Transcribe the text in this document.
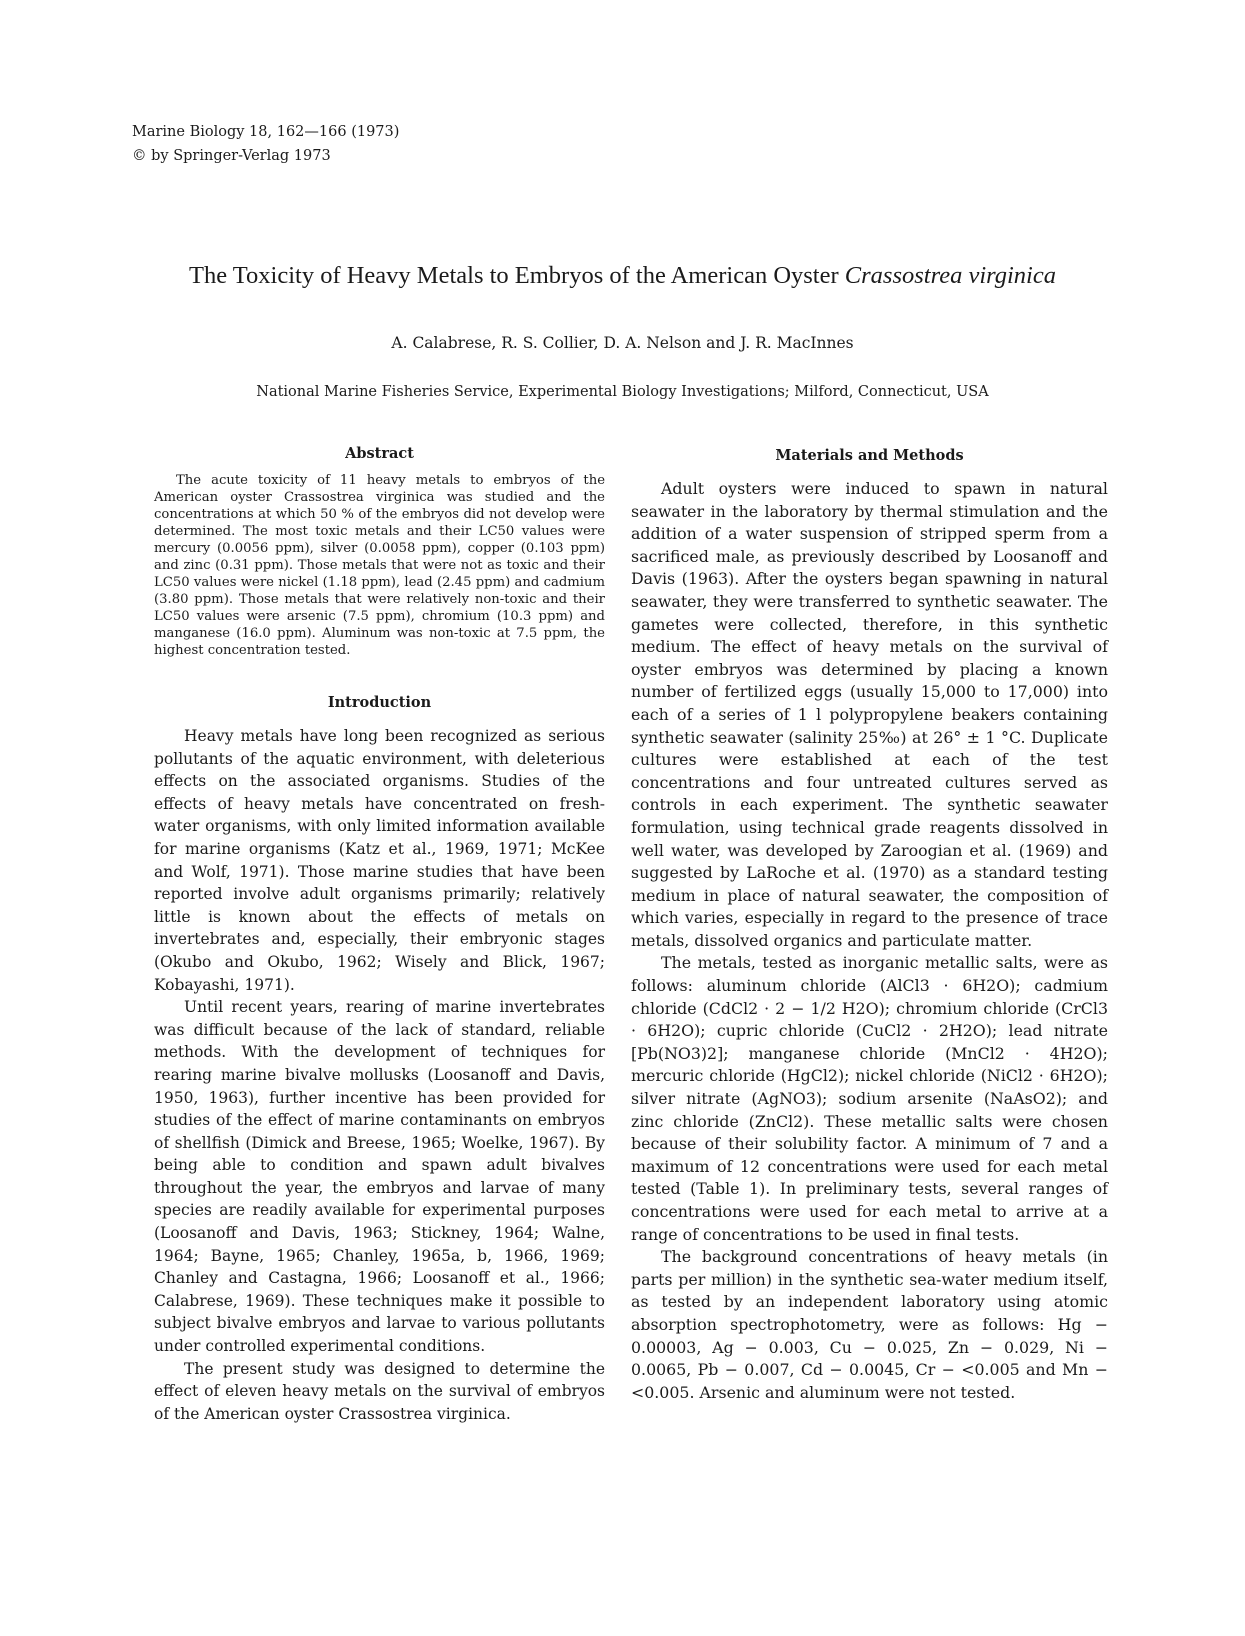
Marine Biology 18, 162—166 (1973)
© by Springer-Verlag 1973
The Toxicity of Heavy Metals to Embryos of the American Oyster Crassostrea virginica
A. Calabrese, R. S. Collier, D. A. Nelson and J. R. MacInnes
National Marine Fisheries Service, Experimental Biology Investigations; Milford, Connecticut, USA

Abstract

The acute toxicity of 11 heavy metals to embryos of the American oyster Crassostrea virginica was studied and the concentrations at which 50 % of the embryos did not develop were determined. The most toxic metals and their LC50 values were mercury (0.0056 ppm), silver (0.0058 ppm), copper (0.103 ppm) and zinc (0.31 ppm). Those metals that were not as toxic and their LC50 values were nickel (1.18 ppm), lead (2.45 ppm) and cadmium (3.80 ppm). Those metals that were relatively non-toxic and their LC50 values were arsenic (7.5 ppm), chromium (10.3 ppm) and manganese (16.0 ppm). Aluminum was non-toxic at 7.5 ppm, the highest concentration tested.

Introduction

Heavy metals have long been recognized as serious pollutants of the aquatic environment, with deleterious effects on the associated organisms. Studies of the effects of heavy metals have concentrated on fresh-water organisms, with only limited information available for marine organisms (Katz et al., 1969, 1971; McKee and Wolf, 1971). Those marine studies that have been reported involve adult organisms primarily; relatively little is known about the effects of metals on invertebrates and, especially, their embryonic stages (Okubo and Okubo, 1962; Wisely and Blick, 1967; Kobayashi, 1971).

Until recent years, rearing of marine invertebrates was difficult because of the lack of standard, reliable methods. With the development of techniques for rearing marine bivalve mollusks (Loosanoff and Davis, 1950, 1963), further incentive has been provided for studies of the effect of marine contaminants on embryos of shellfish (Dimick and Breese, 1965; Woelke, 1967). By being able to condition and spawn adult bivalves throughout the year, the embryos and larvae of many species are readily available for experimental purposes (Loosanoff and Davis, 1963; Stickney, 1964; Walne, 1964; Bayne, 1965; Chanley, 1965a, b, 1966, 1969; Chanley and Castagna, 1966; Loosanoff et al., 1966; Calabrese, 1969). These techniques make it possible to subject bivalve embryos and larvae to various pollutants under controlled experimental conditions.

The present study was designed to determine the effect of eleven heavy metals on the survival of embryos of the American oyster Crassostrea virginica.

Materials and Methods

Adult oysters were induced to spawn in natural seawater in the laboratory by thermal stimulation and the addition of a water suspension of stripped sperm from a sacrificed male, as previously described by Loosanoff and Davis (1963). After the oysters began spawning in natural seawater, they were transferred to synthetic seawater. The gametes were collected, therefore, in this synthetic medium. The effect of heavy metals on the survival of oyster embryos was determined by placing a known number of fertilized eggs (usually 15,000 to 17,000) into each of a series of 1 l polypropylene beakers containing synthetic seawater (salinity 25‰) at 26° ± 1 °C. Duplicate cultures were established at each of the test concentrations and four untreated cultures served as controls in each experiment. The synthetic seawater formulation, using technical grade reagents dissolved in well water, was developed by Zaroogian et al. (1969) and suggested by LaRoche et al. (1970) as a standard testing medium in place of natural seawater, the composition of which varies, especially in regard to the presence of trace metals, dissolved organics and particulate matter.

The metals, tested as inorganic metallic salts, were as follows: aluminum chloride (AlCl3 · 6H2O); cadmium chloride (CdCl2 · 2 − 1/2 H2O); chromium chloride (CrCl3 · 6H2O); cupric chloride (CuCl2 · 2H2O); lead nitrate [Pb(NO3)2]; manganese chloride (MnCl2 · 4H2O); mercuric chloride (HgCl2); nickel chloride (NiCl2 · 6H2O); silver nitrate (AgNO3); sodium arsenite (NaAsO2); and zinc chloride (ZnCl2). These metallic salts were chosen because of their solubility factor. A minimum of 7 and a maximum of 12 concentrations were used for each metal tested (Table 1). In preliminary tests, several ranges of concentrations were used for each metal to arrive at a range of concentrations to be used in final tests.

The background concentrations of heavy metals (in parts per million) in the synthetic sea-water medium itself, as tested by an independent laboratory using atomic absorption spectrophotometry, were as follows: Hg − 0.00003, Ag − 0.003, Cu − 0.025, Zn − 0.029, Ni − 0.0065, Pb − 0.007, Cd − 0.0045, Cr − <0.005 and Mn − <0.005. Arsenic and aluminum were not tested.
